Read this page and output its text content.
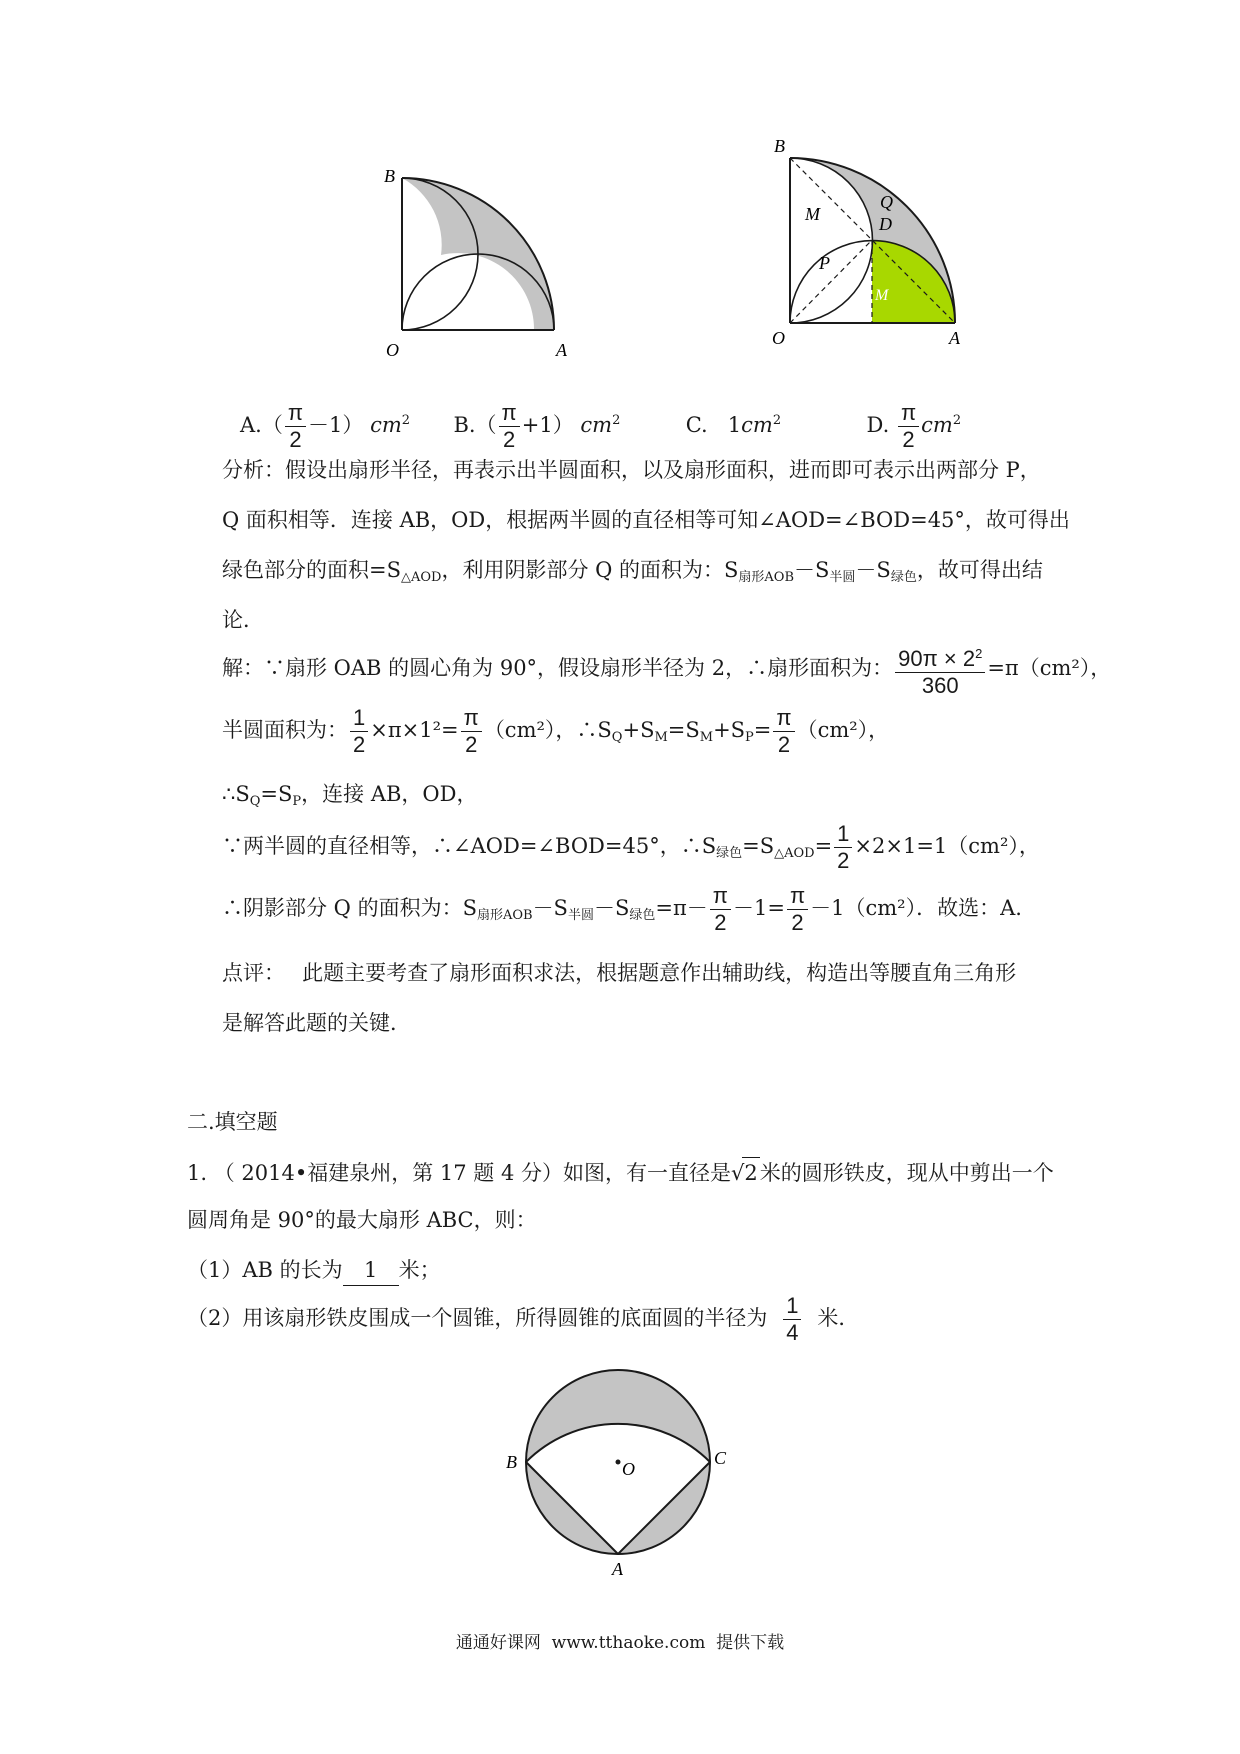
B
O	A
B
Q
D
M
P
M
O	A
$A.( \frac{\pi}{2} -1)$ $cm^2$ $B.( \frac{\pi}{2} +1)$ $cm^2$	C. $1cm^2$	D. $\frac{\pi}{2} cm^2$
分析：假设出扇形半径，再表示出半圆面积，以及扇形面积，进而即可表示出两部分 P，
Q 面积相等．连接 AB，OD，根据两半圆的直径相等可知∠AOD=∠BOD=45°，故可得出
绿色部分的面积$=S_{\triangle AOD}$，利用阴影部分 Q 的面积为：$S_{扇形AOB}-S_{半圆}-S_{绿色}$，故可得出结
论．
解：∵扇形 OAB 的圆心角为 90°，假设扇形半径为 2，∴扇形面积为： $\frac{90\pi \times 2^2}{360} =\pi(cm^2)$，
半圆面积为： $\frac{1}{2} \times\pi\times 1^2= \frac{\pi}{2} (cm^2)$，$\therefore S_Q+S_M=S_M+S_P= \frac{\pi}{2} (cm^2)$，
$\therefore S_Q=S_P$，连接 AB，OD，
∵两半圆的直径相等，∴∠AOD=∠BOD=45°，$\therefore S_{绿色}=S_{\triangle AOD}= \frac{1}{2} \times 2\times 1=1(cm^2)$，
∴阴影部分 Q 的面积为：$S_{扇形AOB}-S_{半圆}-S_{绿色}=\pi- \frac{\pi}{2} -1= \frac{\pi}{2} -1(cm^2)$．故选：A.
点评：　 此题主要考查了扇形面积求法，根据题意作出辅助线，构造出等腰直角三角形
是解答此题的关键．
二.填空题
1. （ 2014•福建泉州，第 17 题 4 分）如图，有一直径是√2米的圆形铁皮，现从中剪出一个
圆周角是 90°的最大扇形 ABC，则：
（1）AB 的长为 1 米；
（2）用该扇形铁皮围成一个圆锥，所得圆锥的底面圆的半径为 $\frac{1}{4}$ 米．
B	O
C
A
通通好课网  www.tthaoke.com  提供下载
